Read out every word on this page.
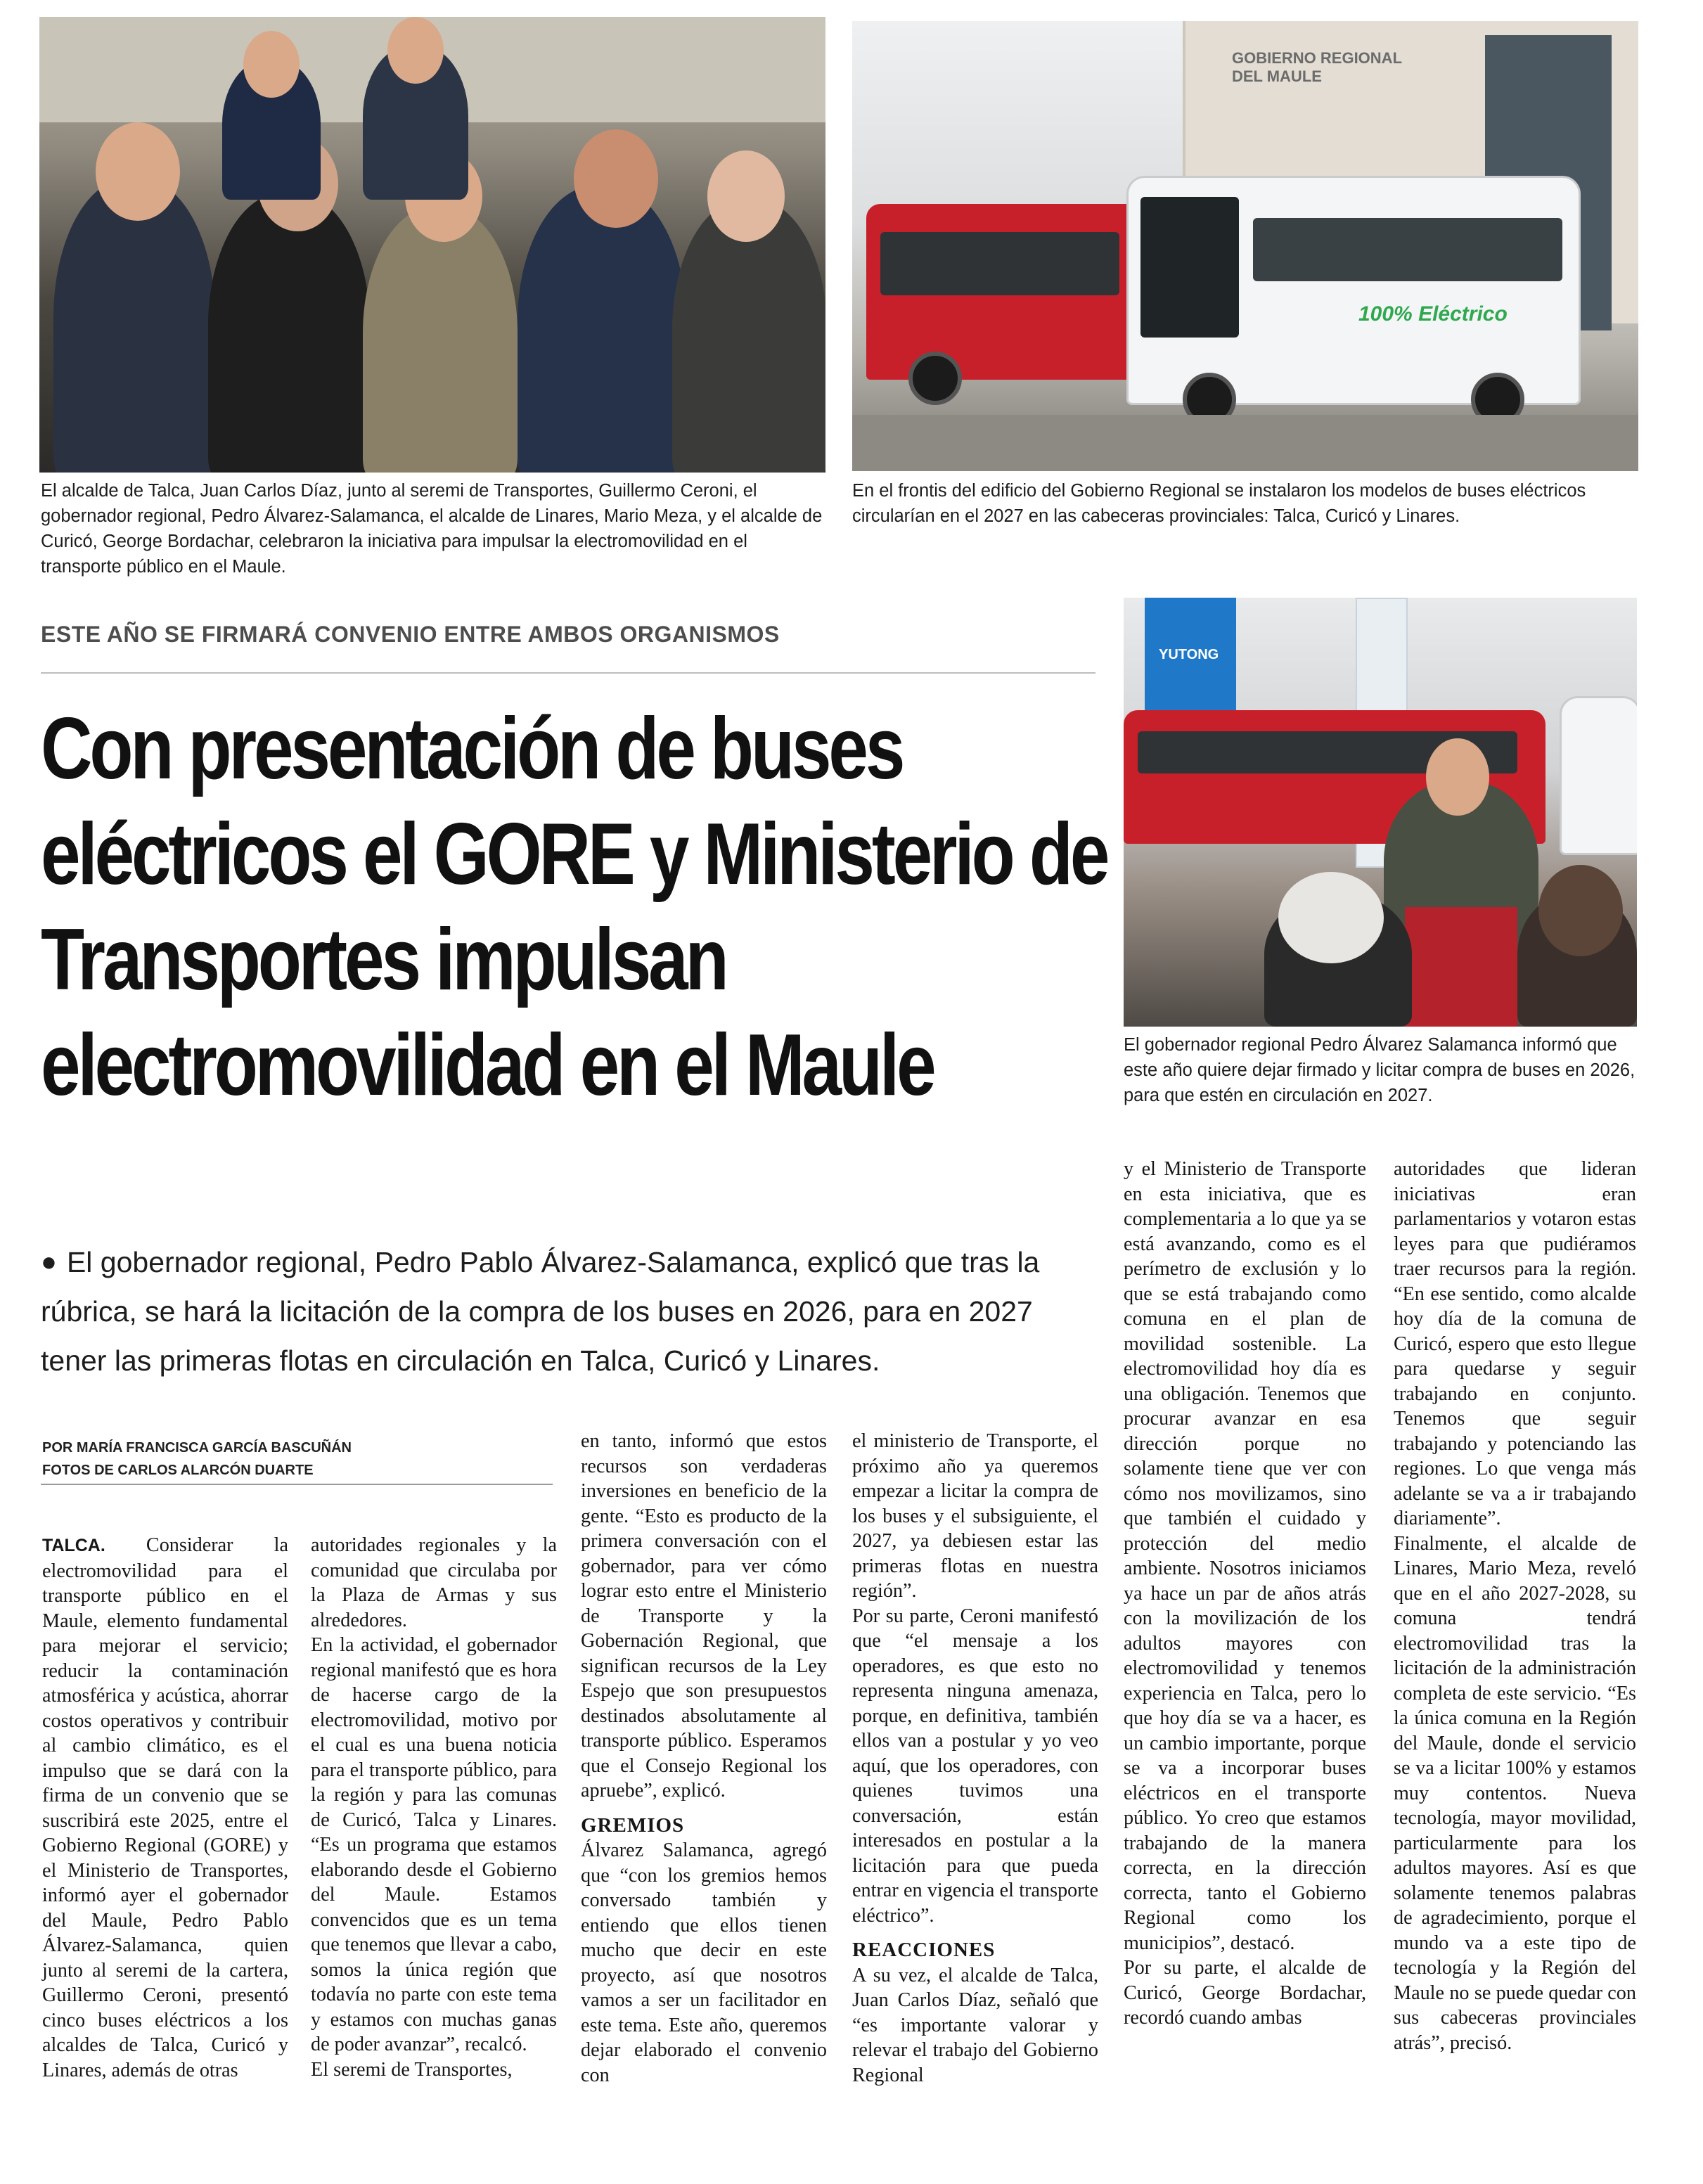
El alcalde de Talca, Juan Carlos Díaz, junto al seremi de Transportes, Guillermo Ceroni, el gobernador regional, Pedro Álvarez-Salamanca, el alcalde de Linares, Mario Meza, y el alcalde de Curicó, George Bordachar, celebraron la iniciativa para impulsar la electromovilidad en el transporte público en el Maule.

GOBIERNO REGIONAL DEL MAULE
100% Eléctrico

En el frontis del edificio del Gobierno Regional se instalaron los modelos de buses eléctricos circularían en el 2027 en las cabeceras provinciales: Talca, Curicó y Linares.

YUTONG

El gobernador regional Pedro Álvarez Salamanca informó que este año quiere dejar firmado y licitar compra de buses en 2026, para que estén en circulación en 2027.

ESTE AÑO SE FIRMARÁ CONVENIO ENTRE AMBOS ORGANISMOS
Con presentación de buses eléctricos el GORE y Ministerio de Transportes impulsan electromovilidad en el Maule

● El gobernador regional, Pedro Pablo Álvarez-Salamanca, explicó que tras la rúbrica, se hará la licitación de la compra de los buses en 2026, para en 2027 tener las primeras flotas en circulación en Talca, Curicó y Linares.

POR MARÍA FRANCISCA GARCÍA BASCUÑÁN
FOTOS DE CARLOS ALARCÓN DUARTE

TALCA. Considerar la electromovilidad para el transporte público en el Maule, elemento fundamental para mejorar el servicio; reducir la contaminación atmosférica y acústica, ahorrar costos operativos y contribuir al cambio climático, es el impulso que se dará con la firma de un convenio que se suscribirá este 2025, entre el Gobierno Regional (GORE) y el Ministerio de Transportes, informó ayer el gobernador del Maule, Pedro Pablo Álvarez-Salamanca, quien junto al seremi de la cartera, Guillermo Ceroni, presentó cinco buses eléctricos a los alcaldes de Talca, Curicó y Linares, además de otras

autoridades regionales y la comunidad que circulaba por la Plaza de Armas y sus alrededores.

En la actividad, el gobernador regional manifestó que es hora de hacerse cargo de la electromovilidad, motivo por el cual es una buena noticia para el transporte público, para la región y para las comunas de Curicó, Talca y Linares. “Es un programa que estamos elaborando desde el Gobierno del Maule. Estamos convencidos que es un tema que tenemos que llevar a cabo, somos la única región que todavía no parte con este tema y estamos con muchas ganas de poder avanzar”, recalcó.

El seremi de Transportes,

en tanto, informó que estos recursos son verdaderas inversiones en beneficio de la gente. “Esto es producto de la primera conversación con el gobernador, para ver cómo lograr esto entre el Ministerio de Transporte y la Gobernación Regional, que significan recursos de la Ley Espejo que son presupuestos destinados absolutamente al transporte público. Esperamos que el Consejo Regional los apruebe”, explicó.

GREMIOS

Álvarez Salamanca, agregó que “con los gremios hemos conversado también y entiendo que ellos tienen mucho que decir en este proyecto, así que nosotros vamos a ser un facilitador en este tema. Este año, queremos dejar elaborado el convenio con

el ministerio de Transporte, el próximo año ya queremos empezar a licitar la compra de los buses y el subsiguiente, el 2027, ya debiesen estar las primeras flotas en nuestra región”.

Por su parte, Ceroni manifestó que “el mensaje a los operadores, es que esto no representa ninguna amenaza, porque, en definitiva, también ellos van a postular y yo veo aquí, que los operadores, con quienes tuvimos una conversación, están interesados en postular a la licitación para que pueda entrar en vigencia el transporte eléctrico”.

REACCIONES

A su vez, el alcalde de Talca, Juan Carlos Díaz, señaló que “es importante valorar y relevar el trabajo del Gobierno Regional

y el Ministerio de Transporte en esta iniciativa, que es complementaria a lo que ya se está avanzando, como es el perímetro de exclusión y lo que se está trabajando como comuna en el plan de movilidad sostenible. La electromovilidad hoy día es una obligación. Tenemos que procurar avanzar en esa dirección porque no solamente tiene que ver con cómo nos movilizamos, sino que también el cuidado y protección del medio ambiente. Nosotros iniciamos ya hace un par de años atrás con la movilización de los adultos mayores con electromovilidad y tenemos experiencia en Talca, pero lo que hoy día se va a hacer, es un cambio importante, porque se va a incorporar buses eléctricos en el transporte público. Yo creo que estamos trabajando de la manera correcta, en la dirección correcta, tanto el Gobierno Regional como los municipios”, destacó.

Por su parte, el alcalde de Curicó, George Bordachar, recordó cuando ambas

autoridades que lideran iniciativas eran parlamentarios y votaron estas leyes para que pudiéramos traer recursos para la región. “En ese sentido, como alcalde hoy día de la comuna de Curicó, espero que esto llegue para quedarse y seguir trabajando en conjunto. Tenemos que seguir trabajando y potenciando las regiones. Lo que venga más adelante se va a ir trabajando diariamente”.

Finalmente, el alcalde de Linares, Mario Meza, reveló que en el año 2027-2028, su comuna tendrá electromovilidad tras la licitación de la administración completa de este servicio. “Es la única comuna en la Región del Maule, donde el servicio se va a licitar 100% y estamos muy contentos. Nueva tecnología, mayor movilidad, particularmente para los adultos mayores. Así es que solamente tenemos palabras de agradecimiento, porque el mundo va a este tipo de tecnología y la Región del Maule no se puede quedar con sus cabeceras provinciales atrás”, precisó.
